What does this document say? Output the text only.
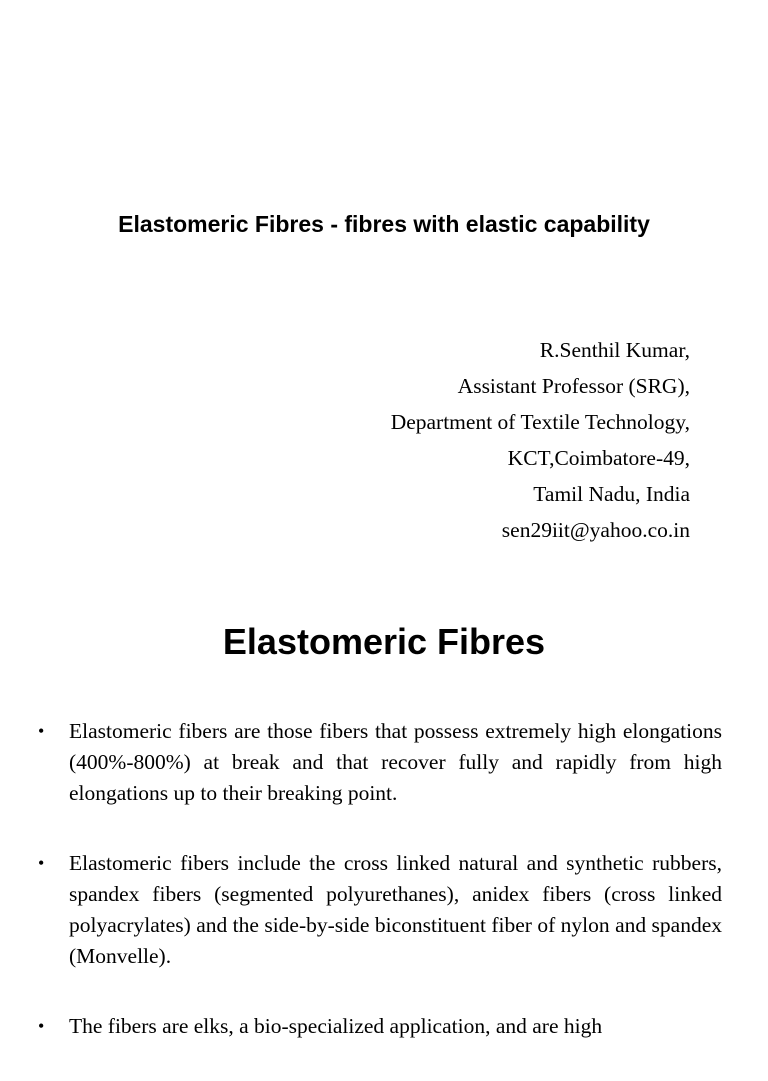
Elastomeric Fibres - fibres with elastic capability
R.Senthil Kumar,
Assistant Professor (SRG),
Department of Textile Technology,
KCT,Coimbatore-49,
Tamil Nadu, India
sen29iit@yahoo.co.in
Elastomeric Fibres
• Elastomeric fibers are those fibers that possess extremely high elongations (400%-800%) at break and that recover fully and rapidly from high elongations up to their breaking point.
• Elastomeric fibers include the cross linked natural and synthetic rubbers, spandex fibers (segmented polyurethanes), anidex fibers (cross linked polyacrylates) and the side-by-side biconstituent fiber of nylon and spandex (Monvelle).
• The fibers are elks, a bio-specialized application, and are high
